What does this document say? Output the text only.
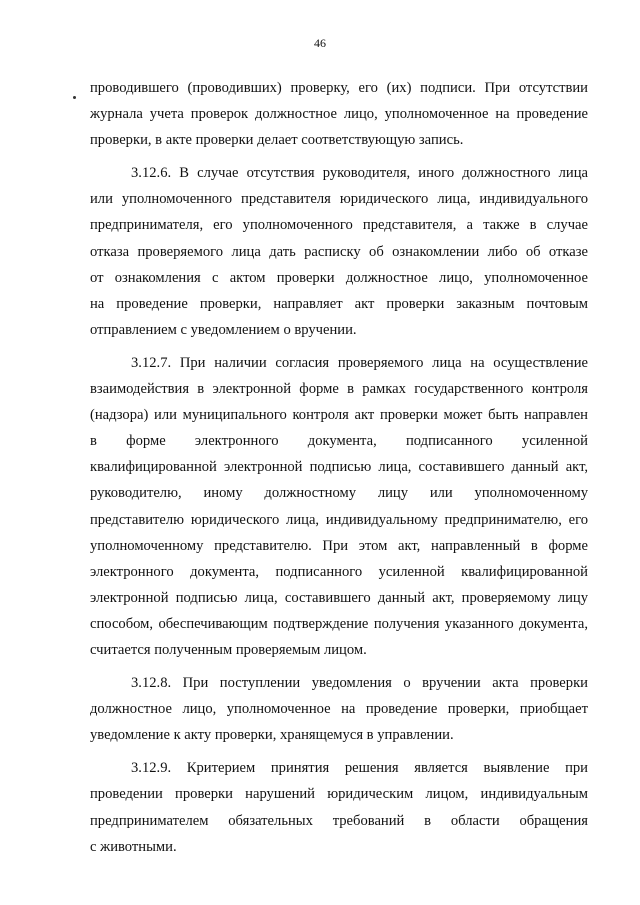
46
проводившего (проводивших) проверку, его (их) подписи. При отсутствии
журнала учета проверок должностное лицо, уполномоченное на проведение
проверки, в акте проверки делает соответствующую запись.
3.12.6. В случае отсутствия руководителя, иного должностного лица
или уполномоченного представителя юридического лица, индивидуального
предпринимателя, его уполномоченного представителя, а также в случае
отказа проверяемого лица дать расписку об ознакомлении либо об отказе
от ознакомления с актом проверки должностное лицо, уполномоченное
на проведение проверки, направляет акт проверки заказным почтовым
отправлением с уведомлением о вручении.
3.12.7. При наличии согласия проверяемого лица на осуществление
взаимодействия в электронной форме в рамках государственного контроля
(надзора) или муниципального контроля акт проверки может быть направлен
в форме электронного документа, подписанного усиленной
квалифицированной электронной подписью лица, составившего данный акт,
руководителю, иному должностному лицу или уполномоченному
представителю юридического лица, индивидуальному предпринимателю, его
уполномоченному представителю. При этом акт, направленный в форме
электронного документа, подписанного усиленной квалифицированной
электронной подписью лица, составившего данный акт, проверяемому лицу
способом, обеспечивающим подтверждение получения указанного документа,
считается полученным проверяемым лицом.
3.12.8. При поступлении уведомления о вручении акта проверки
должностное лицо, уполномоченное на проведение проверки, приобщает
уведомление к акту проверки, хранящемуся в управлении.
3.12.9. Критерием принятия решения является выявление при
проведении проверки нарушений юридическим лицом, индивидуальным
предпринимателем обязательных требований в области обращения
с животными.
